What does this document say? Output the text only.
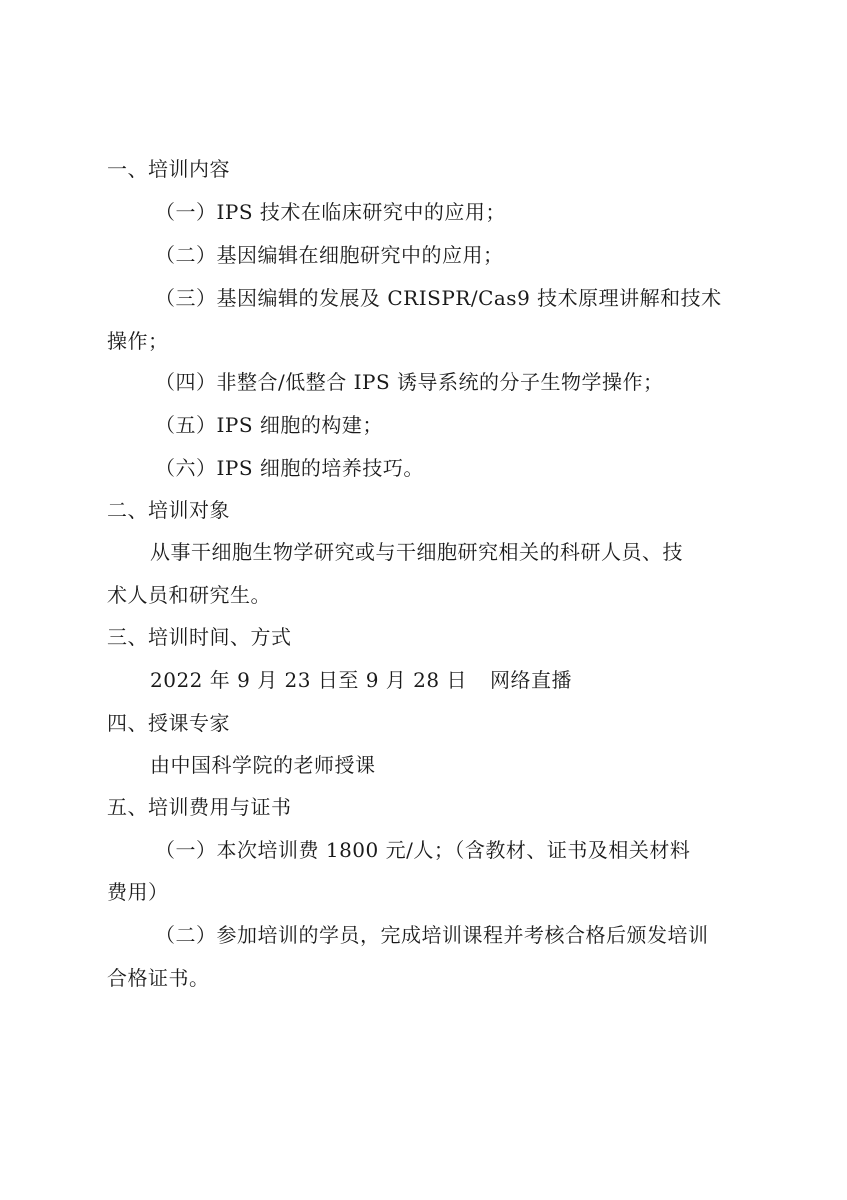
一、培训内容
（一）IPS 技术在临床研究中的应用；
（二）基因编辑在细胞研究中的应用；
（三）基因编辑的发展及 CRISPR/Cas9 技术原理讲解和技术
操作；
（四）非整合/低整合 IPS 诱导系统的分子生物学操作；
（五）IPS 细胞的构建；
（六）IPS 细胞的培养技巧。
二、培训对象
从事干细胞生物学研究或与干细胞研究相关的科研人员、技
术人员和研究生。
三、培训时间、方式
2022 年 9 月 23 日至 9 月 28 日 网络直播
四、授课专家
由中国科学院的老师授课
五、培训费用与证书
（一）本次培训费 1800 元/人；（含教材、证书及相关材料
费用）
（二）参加培训的学员，完成培训课程并考核合格后颁发培训
合格证书。
